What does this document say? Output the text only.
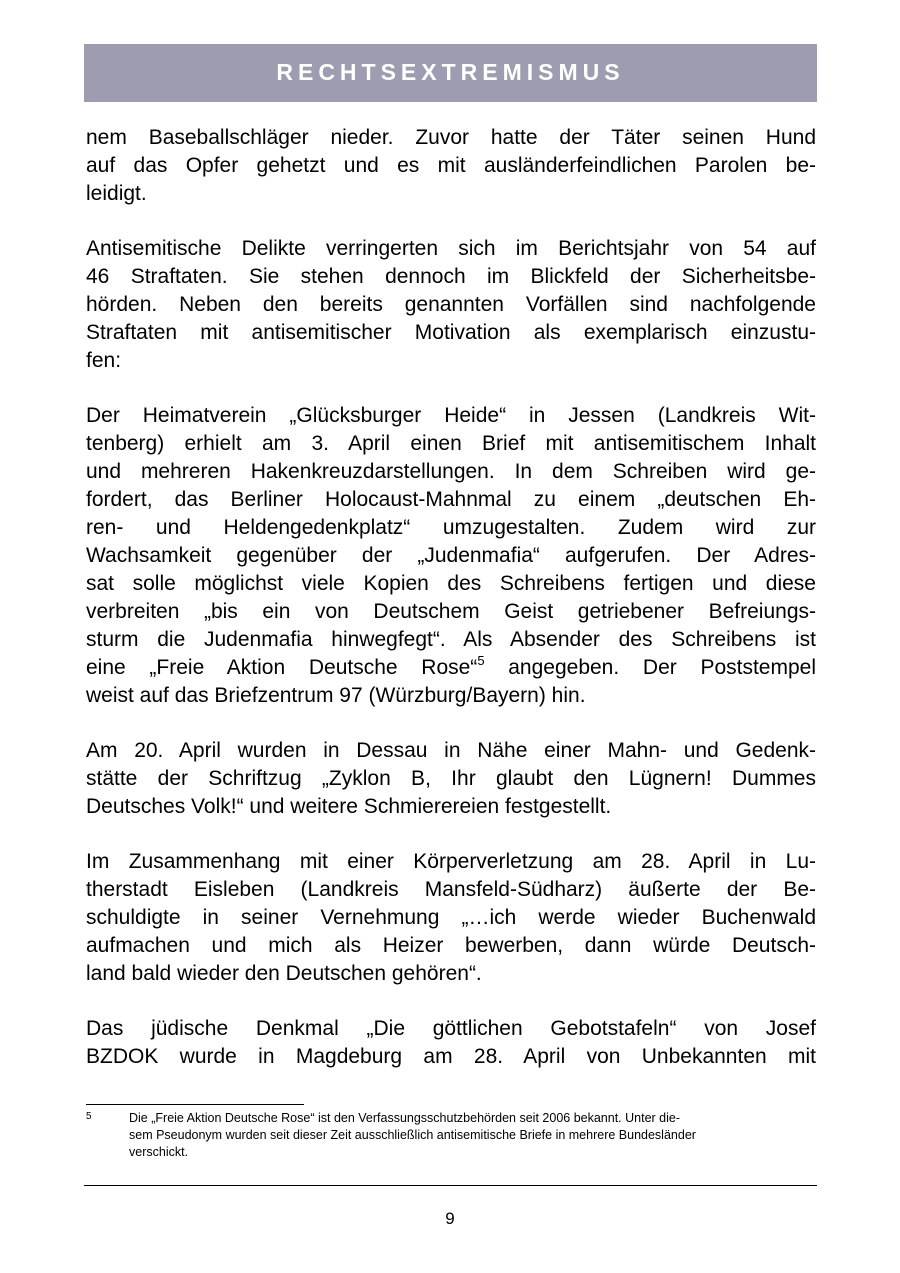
RECHTSEXTREMISMUS

nem Baseballschläger nieder. Zuvor hatte der Täter seinen Hund
auf das Opfer gehetzt und es mit ausländerfeindlichen Parolen be-
leidigt.

Antisemitische Delikte verringerten sich im Berichtsjahr von 54 auf
46 Straftaten. Sie stehen dennoch im Blickfeld der Sicherheitsbe-
hörden. Neben den bereits genannten Vorfällen sind nachfolgende
Straftaten mit antisemitischer Motivation als exemplarisch einzustu-
fen:

Der Heimatverein „Glücksburger Heide“ in Jessen (Landkreis Wit-
tenberg) erhielt am 3. April einen Brief mit antisemitischem Inhalt
und mehreren Hakenkreuzdarstellungen. In dem Schreiben wird ge-
fordert, das Berliner Holocaust-Mahnmal zu einem „deutschen Eh-
ren- und Heldengedenkplatz“ umzugestalten. Zudem wird zur
Wachsamkeit gegenüber der „Judenmafia“ aufgerufen. Der Adres-
sat solle möglichst viele Kopien des Schreibens fertigen und diese
verbreiten „bis ein von Deutschem Geist getriebener Befreiungs-
sturm die Judenmafia hinwegfegt“. Als Absender des Schreibens ist
eine „Freie Aktion Deutsche Rose“$^5$ angegeben. Der Poststempel
weist auf das Briefzentrum 97 (Würzburg/Bayern) hin.

Am 20. April wurden in Dessau in Nähe einer Mahn- und Gedenk-
stätte der Schriftzug „Zyklon B, Ihr glaubt den Lügnern! Dummes
Deutsches Volk!“ und weitere Schmierereien festgestellt.

Im Zusammenhang mit einer Körperverletzung am 28. April in Lu-
therstadt Eisleben (Landkreis Mansfeld-Südharz) äußerte der Be-
schuldigte in seiner Vernehmung „…ich werde wieder Buchenwald
aufmachen und mich als Heizer bewerben, dann würde Deutsch-
land bald wieder den Deutschen gehören“.

Das jüdische Denkmal „Die göttlichen Gebotstafeln“ von Josef
BZDOK wurde in Magdeburg am 28. April von Unbekannten mit

5	Die „Freie Aktion Deutsche Rose“ ist den Verfassungsschutzbehörden seit 2006 bekannt. Unter die-
sem Pseudonym wurden seit dieser Zeit ausschließlich antisemitische Briefe in mehrere Bundesländer
verschickt.
9
